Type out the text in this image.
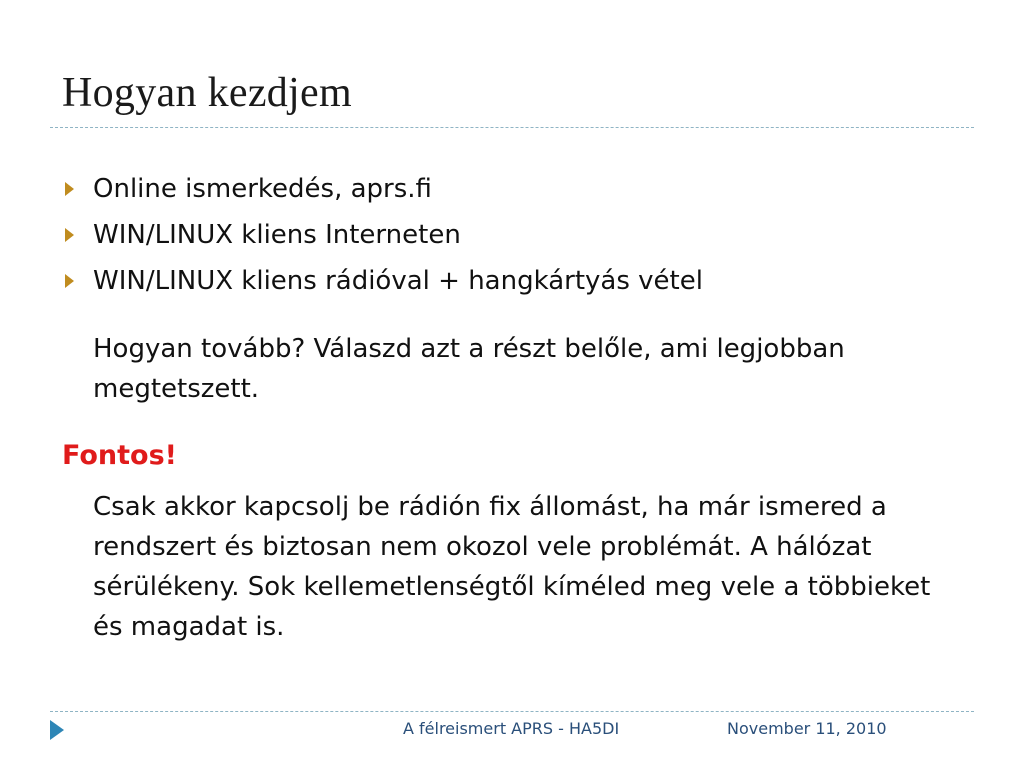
Hogyan kezdjem
Online ismerkedés, aprs.fi
WIN/LINUX kliens Interneten
WIN/LINUX kliens rádióval + hangkártyás vétel

Hogyan tovább? Válaszd azt a részt belőle, ami legjobban megtetszett.

Fontos!

Csak akkor kapcsolj be rádión fix állomást, ha már ismered a rendszert és biztosan nem okozol vele problémát. A hálózat sérülékeny. Sok kellemetlenségtől kíméled meg vele a többieket és magadat is.

A félreismert APRS - HA5DI	November 11, 2010
